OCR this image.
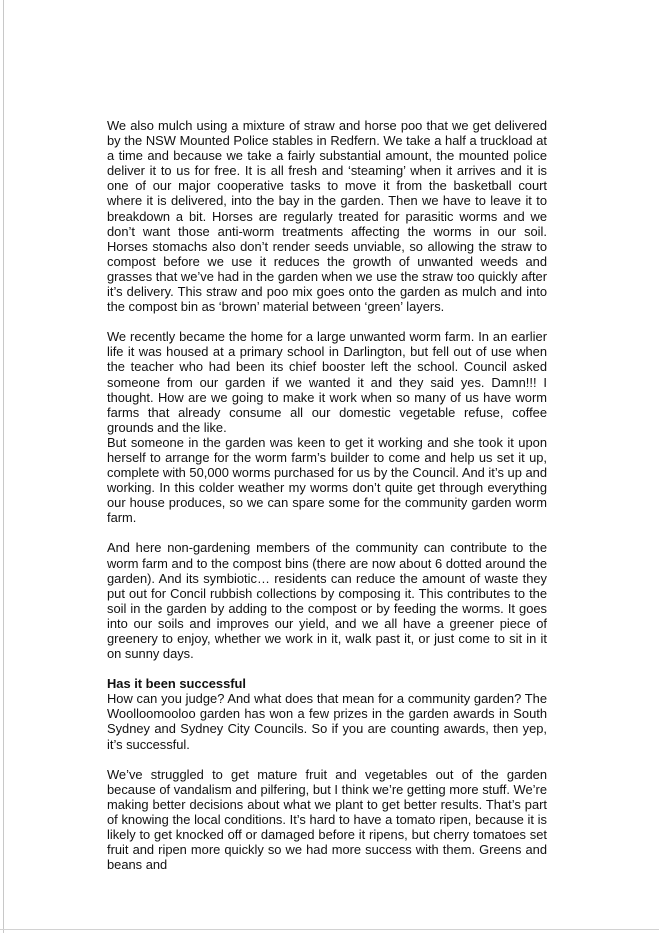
We also mulch using a mixture of straw and horse poo that we get delivered by the NSW Mounted Police stables in Redfern. We take a half a truckload at a time and because we take a fairly substantial amount, the mounted police deliver it to us for free. It is all fresh and ‘steaming’ when it arrives and it is one of our major cooperative tasks to move it from the basketball court where it is delivered, into the bay in the garden. Then we have to leave it to breakdown a bit. Horses are regularly treated for parasitic worms and we don’t want those anti-worm treatments affecting the worms in our soil. Horses stomachs also don’t render seeds unviable, so allowing the straw to compost before we use it reduces the growth of unwanted weeds and grasses that we’ve had in the garden when we use the straw too quickly after it’s delivery. This straw and poo mix goes onto the garden as mulch and into the compost bin as ‘brown’ material between ‘green’ layers.

We recently became the home for a large unwanted worm farm. In an earlier life it was housed at a primary school in Darlington, but fell out of use when the teacher who had been its chief booster left the school. Council asked someone from our garden if we wanted it and they said yes. Damn!!! I thought. How are we going to make it work when so many of us have worm farms that already consume all our domestic vegetable refuse, coffee grounds and the like.

But someone in the garden was keen to get it working and she took it upon herself to arrange for the worm farm’s builder to come and help us set it up, complete with 50,000 worms purchased for us by the Council. And it’s up and working. In this colder weather my worms don’t quite get through everything our house produces, so we can spare some for the community garden worm farm.

And here non-gardening members of the community can contribute to the worm farm and to the compost bins (there are now about 6 dotted around the garden). And its symbiotic… residents can reduce the amount of waste they put out for Concil rubbish collections by composing it. This contributes to the soil in the garden by adding to the compost or by feeding the worms. It goes into our soils and improves our yield, and we all have a greener piece of greenery to enjoy, whether we work in it, walk past it, or just come to sit in it on sunny days.

Has it been successful

How can you judge? And what does that mean for a community garden? The Woolloomooloo garden has won a few prizes in the garden awards in South Sydney and Sydney City Councils. So if you are counting awards, then yep, it’s successful.

We’ve struggled to get mature fruit and vegetables out of the garden because of vandalism and pilfering, but I think we’re getting more stuff. We’re making better decisions about what we plant to get better results. That’s part of knowing the local conditions. It’s hard to have a tomato ripen, because it is likely to get knocked off or damaged before it ripens, but cherry tomatoes set fruit and ripen more quickly so we had more success with them. Greens and beans and
